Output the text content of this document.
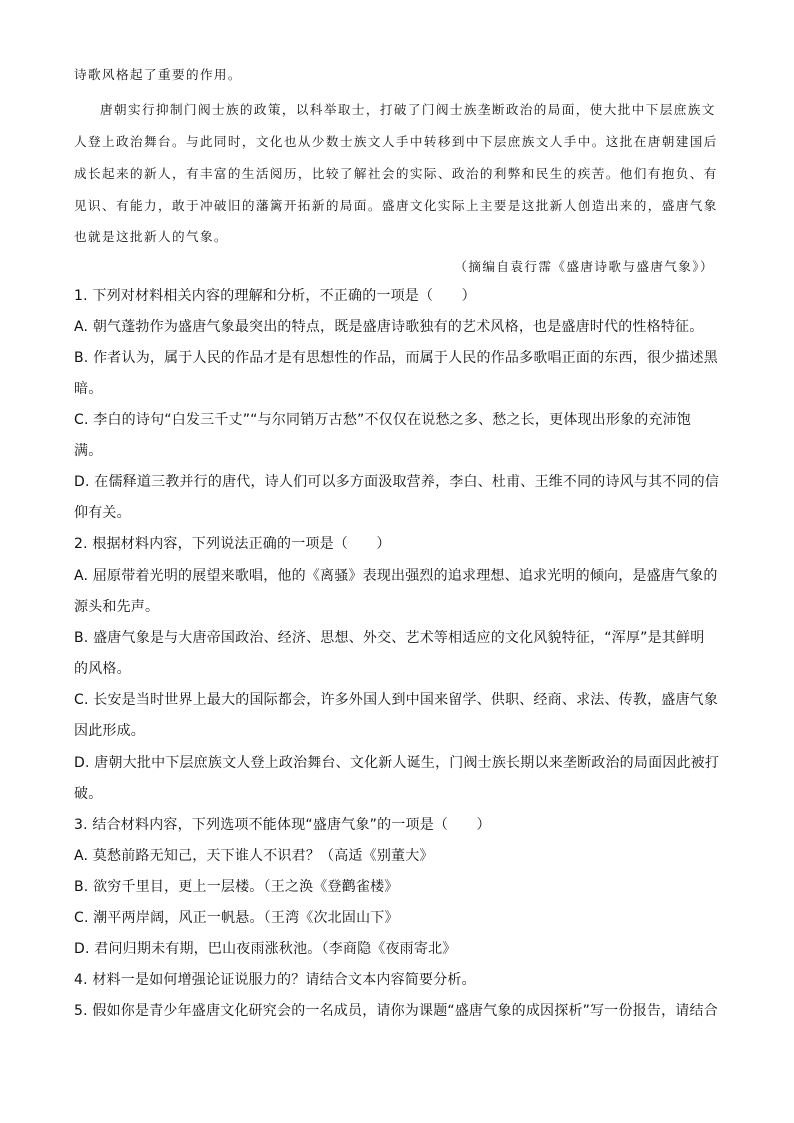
诗歌风格起了重要的作用。
唐朝实行抑制门阀士族的政策，以科举取士，打破了门阀士族垄断政治的局面，使大批中下层庶族文
人登上政治舞台。与此同时，文化也从少数士族文人手中转移到中下层庶族文人手中。这批在唐朝建国后
成长起来的新人，有丰富的生活阅历，比较了解社会的实际、政治的利弊和民生的疾苦。他们有抱负、有
见识、有能力，敢于冲破旧的藩篱开拓新的局面。盛唐文化实际上主要是这批新人创造出来的，盛唐气象
也就是这批新人的气象。
（摘编自袁行霈《盛唐诗歌与盛唐气象》）
1. 下列对材料相关内容的理解和分析，不正确的一项是（　　）
A. 朝气蓬勃作为盛唐气象最突出的特点，既是盛唐诗歌独有的艺术风格，也是盛唐时代的性格特征。
B. 作者认为，属于人民的作品才是有思想性的作品，而属于人民的作品多歌唱正面的东西，很少描述黑
暗。
C. 李白的诗句“白发三千丈”“与尔同销万古愁”不仅仅在说愁之多、愁之长，更体现出形象的充沛饱
满。
D. 在儒释道三教并行的唐代，诗人们可以多方面汲取营养，李白、杜甫、王维不同的诗风与其不同的信
仰有关。
2. 根据材料内容，下列说法正确的一项是（　　）
A. 屈原带着光明的展望来歌唱，他的《离骚》表现出强烈的追求理想、追求光明的倾向，是盛唐气象的
源头和先声。
B. 盛唐气象是与大唐帝国政治、经济、思想、外交、艺术等相适应的文化风貌特征，“浑厚”是其鲜明
的风格。
C. 长安是当时世界上最大的国际都会，许多外国人到中国来留学、供职、经商、求法、传教，盛唐气象
因此形成。
D. 唐朝大批中下层庶族文人登上政治舞台、文化新人诞生，门阀士族长期以来垄断政治的局面因此被打
破。
3. 结合材料内容，下列选项不能体现“盛唐气象”的一项是（　　）
A. 莫愁前路无知己，天下谁人不识君？（高适《别董大》
B. 欲穷千里目，更上一层楼。（王之涣《登鹳雀楼》
C. 潮平两岸阔，风正一帆悬。（王湾《次北固山下》
D. 君问归期未有期，巴山夜雨涨秋池。（李商隐《夜雨寄北》
4. 材料一是如何增强论证说服力的？请结合文本内容简要分析。
5. 假如你是青少年盛唐文化研究会的一名成员，请你为课题“盛唐气象的成因探析”写一份报告，请结合
